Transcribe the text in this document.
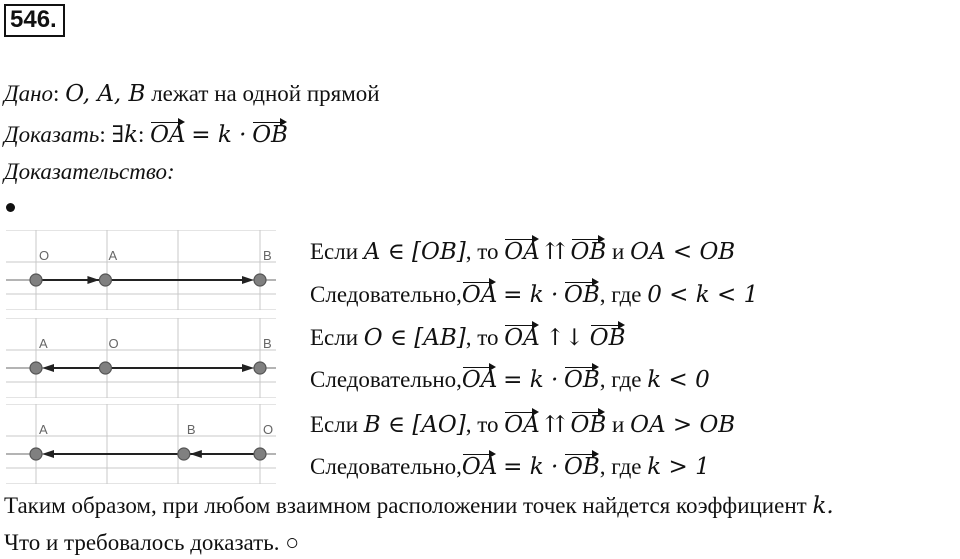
546.
Дано: O, A, B лежат на одной прямой
Доказать: ∃k: OA = k · OB
Доказательство:
O	A	B
A	O	B
A	B	O
Если A ∈ [OB], то OA ⇈ OB и OA < OB
Следовательно,OA = k · OB, где 0 < k < 1
Если O ∈ [AB], то OA ↑↓ OB
Следовательно,OA = k · OB, где k < 0
Если B ∈ [AO], то OA ⇈ OB и OA > OB
Следовательно,OA = k · OB, где k > 1
Таким образом, при любом взаимном расположении точек найдется коэффициент k.
Что и требовалось доказать. ○
